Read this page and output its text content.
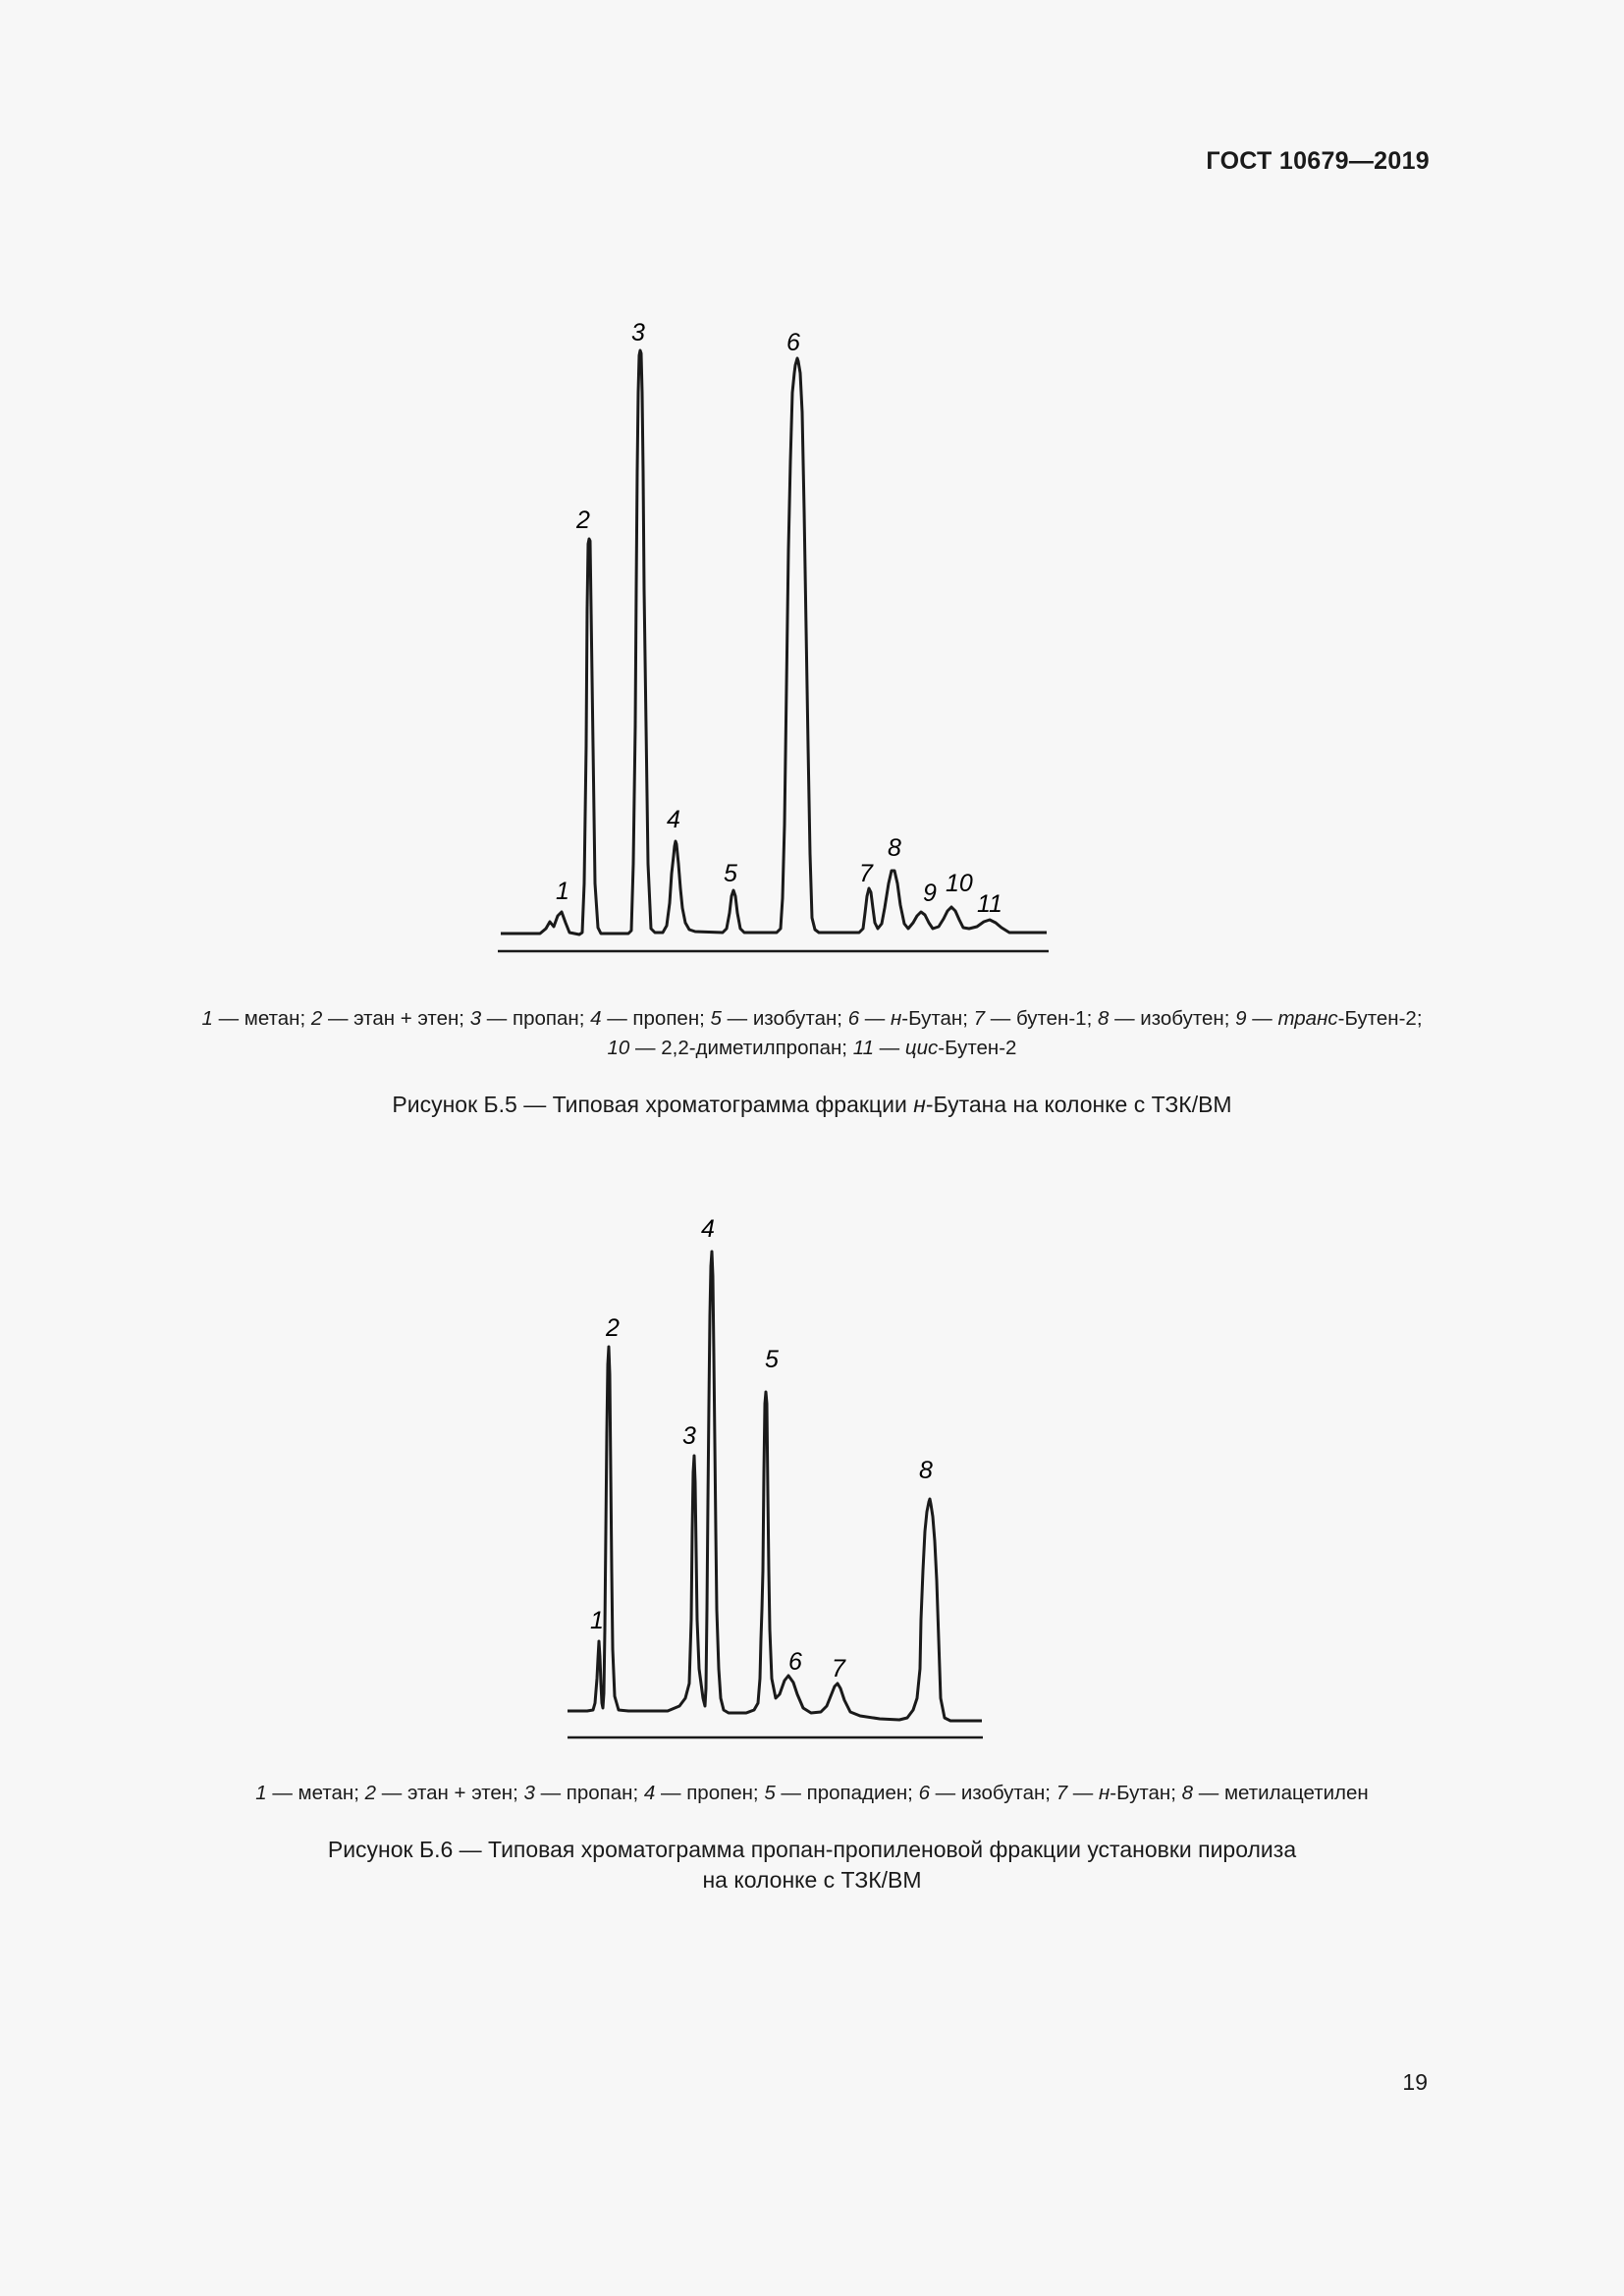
ГОСТ 10679—2019
1
2
3
4
5
6
7
8
9 10
11
1 — метан; 2 — этан + этен; 3 — пропан; 4 — пропен; 5 — изобутан; 6 — н-Бутан; 7 — бутен-1; 8 — изобутен; 9 — транс-Бутен-2;
10 — 2,2-диметилпропан; 11 — цис-Бутен-2
Рисунок Б.5 — Типовая хроматограмма фракции н-Бутана на колонке с ТЗК/ВМ
1
2
3
4
5
6 7
8
1 — метан; 2 — этан + этен; 3 — пропан; 4 — пропен; 5 — пропадиен; 6 — изобутан; 7 — н-Бутан; 8 — метилацетилен
Рисунок Б.6 — Типовая хроматограмма пропан-пропиленовой фракции установки пиролиза
на колонке с ТЗК/ВМ
19
